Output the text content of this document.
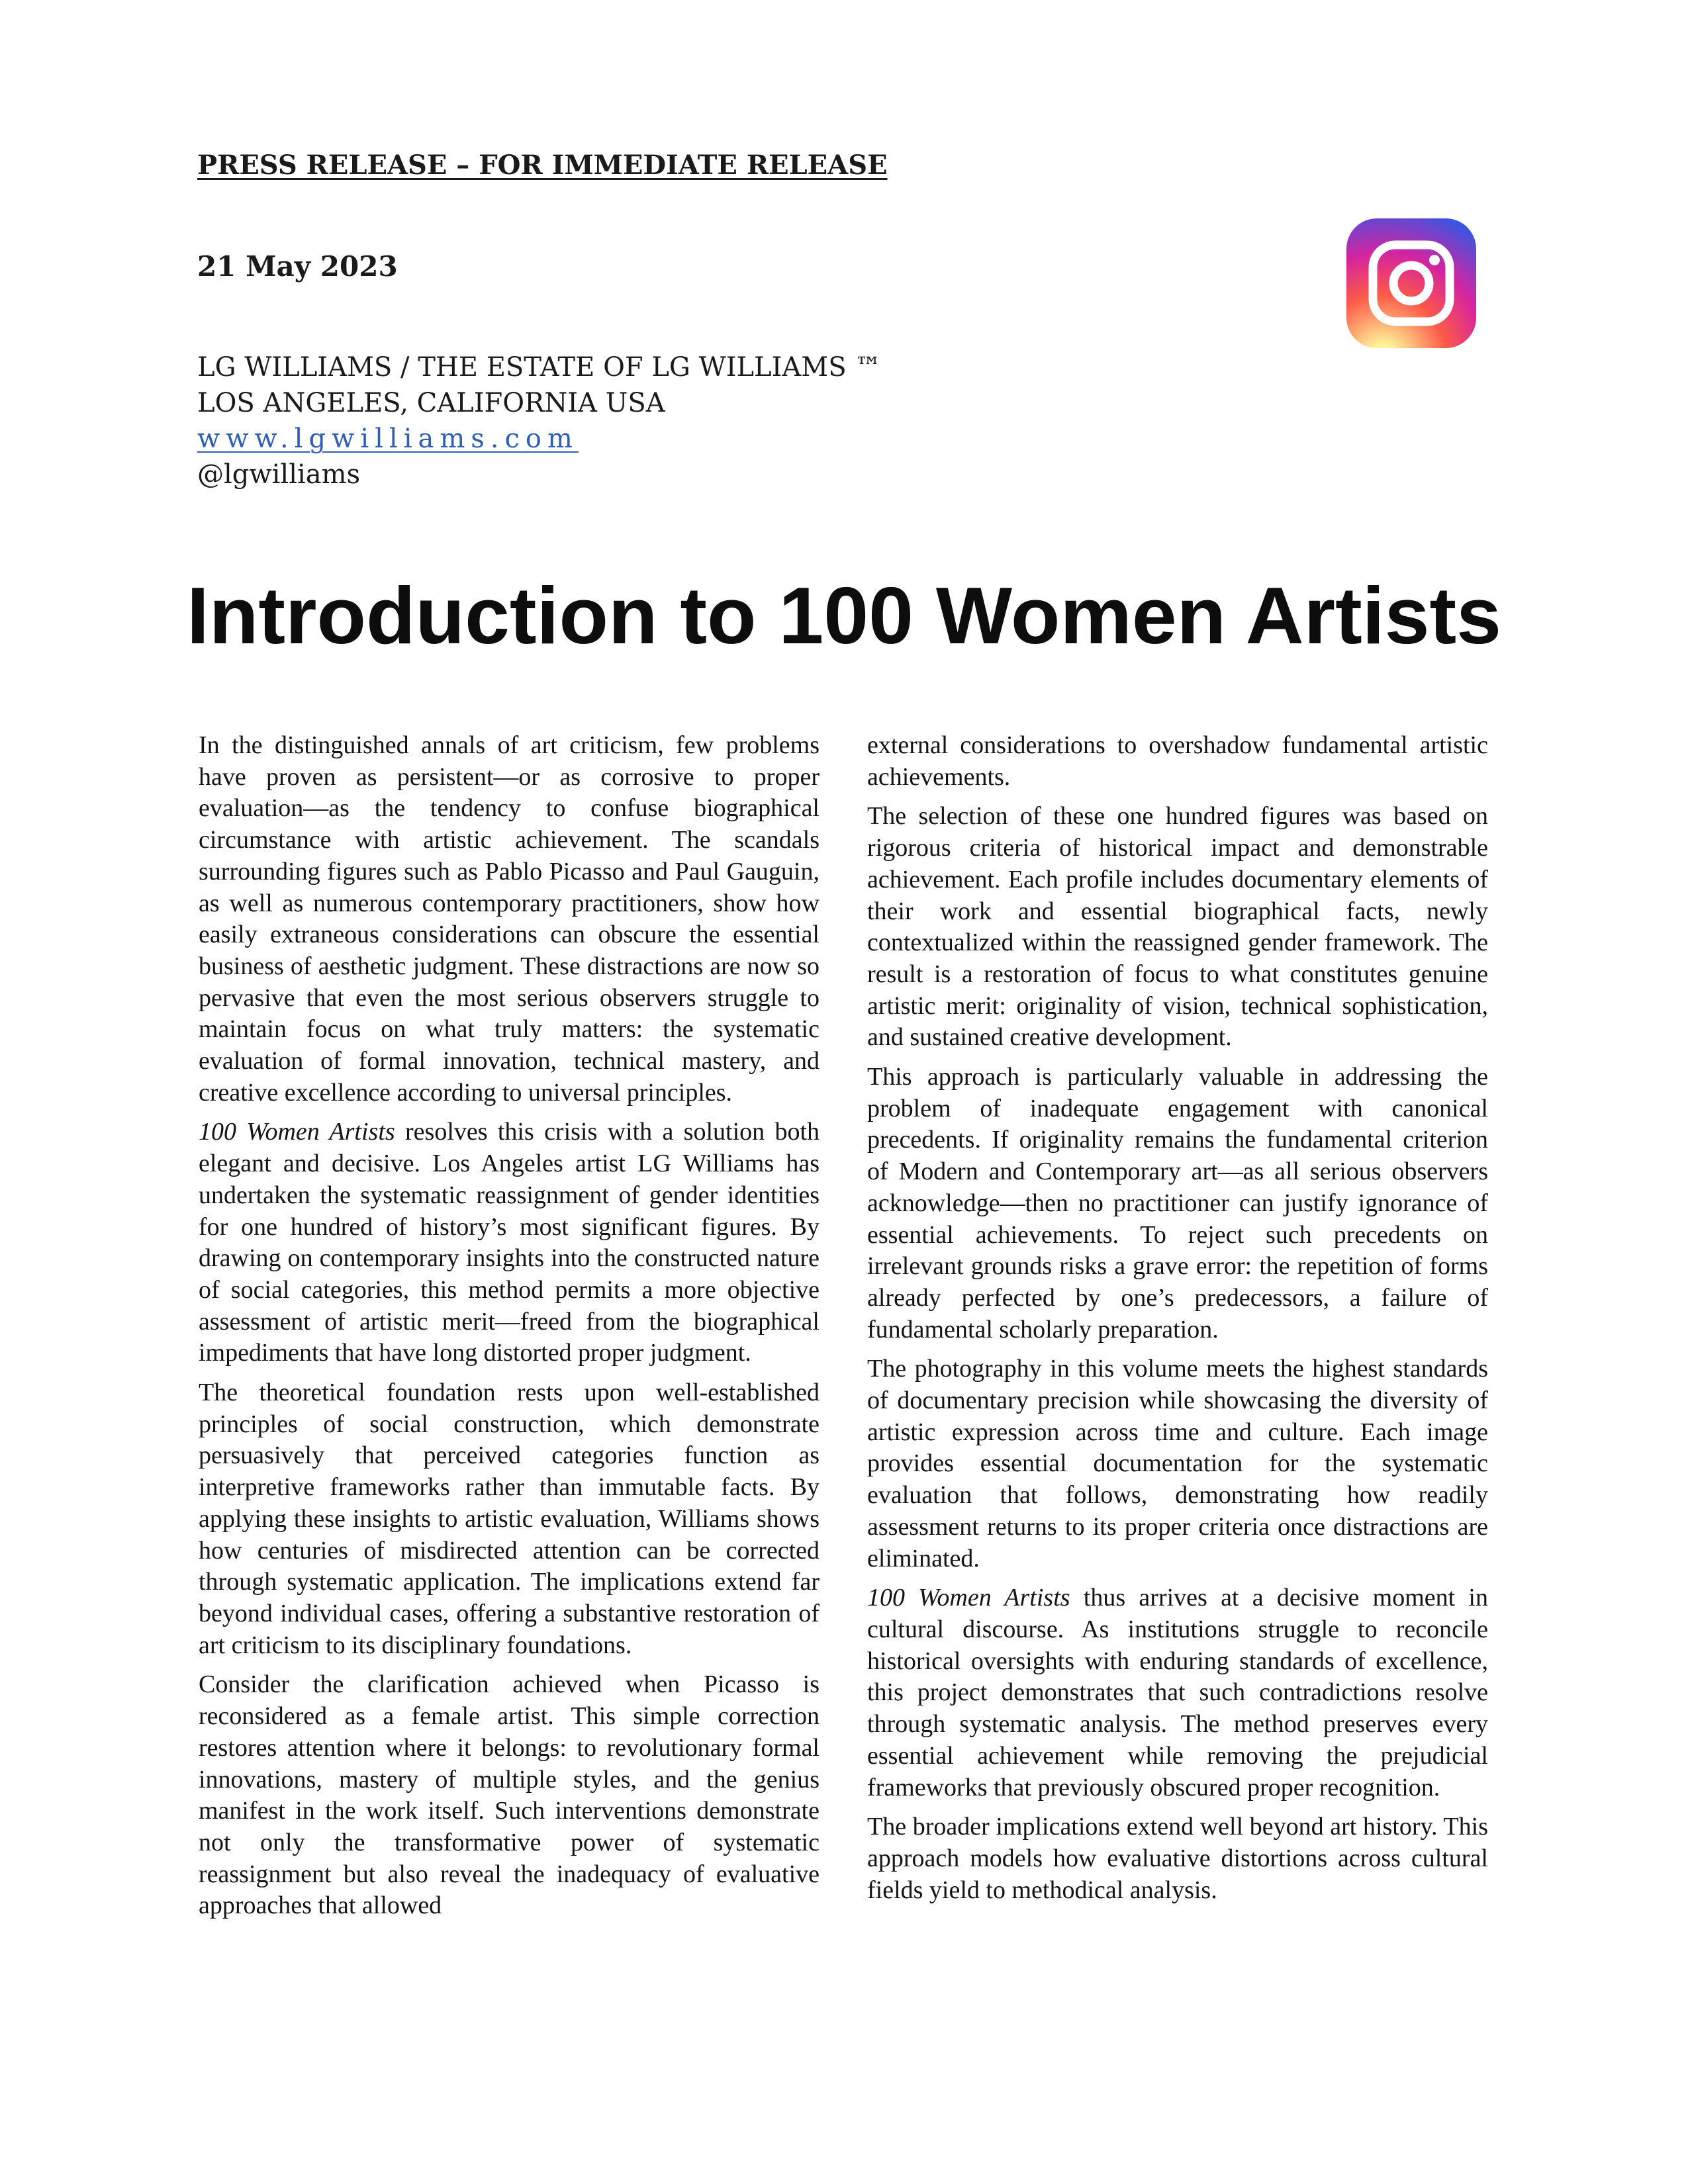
PRESS RELEASE – FOR IMMEDIATE RELEASE

21 May 2023

LG WILLIAMS / THE ESTATE OF LG WILLIAMS ™
LOS ANGELES, CALIFORNIA USA
www.lgwilliams.com
@lgwilliams
Introduction to 100 Women Artists

In the distinguished annals of art criticism, few problems have proven as persistent—or as corrosive to proper evaluation—as the tendency to confuse biographical circumstance with artistic achievement. The scandals surrounding figures such as Pablo Picasso and Paul Gauguin, as well as numerous contemporary practitioners, show how easily extraneous considerations can obscure the essential business of aesthetic judgment. These distractions are now so pervasive that even the most serious observers struggle to maintain focus on what truly matters: the systematic evaluation of formal innovation, technical mastery, and creative excellence according to universal principles.

100 Women Artists resolves this crisis with a solution both elegant and decisive. Los Angeles artist LG Williams has undertaken the systematic reassignment of gender identities for one hundred of history’s most significant figures. By drawing on contemporary insights into the constructed nature of social categories, this method permits a more objective assessment of artistic merit—freed from the biographical impediments that have long distorted proper judgment.

The theoretical foundation rests upon well-established principles of social construction, which demonstrate persuasively that perceived categories function as interpretive frameworks rather than immutable facts. By applying these insights to artistic evaluation, Williams shows how centuries of misdirected attention can be corrected through systematic application. The implications extend far beyond individual cases, offering a substantive restoration of art criticism to its disciplinary foundations.

Consider the clarification achieved when Picasso is reconsidered as a female artist. This simple correction restores attention where it belongs: to revolutionary formal innovations, mastery of multiple styles, and the genius manifest in the work itself. Such interventions demonstrate not only the transformative power of systematic reassignment but also reveal the inadequacy of evaluative approaches that allowed

external considerations to overshadow fundamental artistic achievements.

The selection of these one hundred figures was based on rigorous criteria of historical impact and demonstrable achievement. Each profile includes documentary elements of their work and essential biographical facts, newly contextualized within the reassigned gender framework. The result is a restoration of focus to what constitutes genuine artistic merit: originality of vision, technical sophistication, and sustained creative development.

This approach is particularly valuable in addressing the problem of inadequate engagement with canonical precedents. If originality remains the fundamental criterion of Modern and Contemporary art—as all serious observers acknowledge—then no practitioner can justify ignorance of essential achievements. To reject such precedents on irrelevant grounds risks a grave error: the repetition of forms already perfected by one’s predecessors, a failure of fundamental scholarly preparation.

The photography in this volume meets the highest standards of documentary precision while showcasing the diversity of artistic expression across time and culture. Each image provides essential documentation for the systematic evaluation that follows, demonstrating how readily assessment returns to its proper criteria once distractions are eliminated.

100 Women Artists thus arrives at a decisive moment in cultural discourse. As institutions struggle to reconcile historical oversights with enduring standards of excellence, this project demonstrates that such contradictions resolve through systematic analysis. The method preserves every essential achievement while removing the prejudicial frameworks that previously obscured proper recognition.

The broader implications extend well beyond art history. This approach models how evaluative distortions across cultural fields yield to methodical analysis.
